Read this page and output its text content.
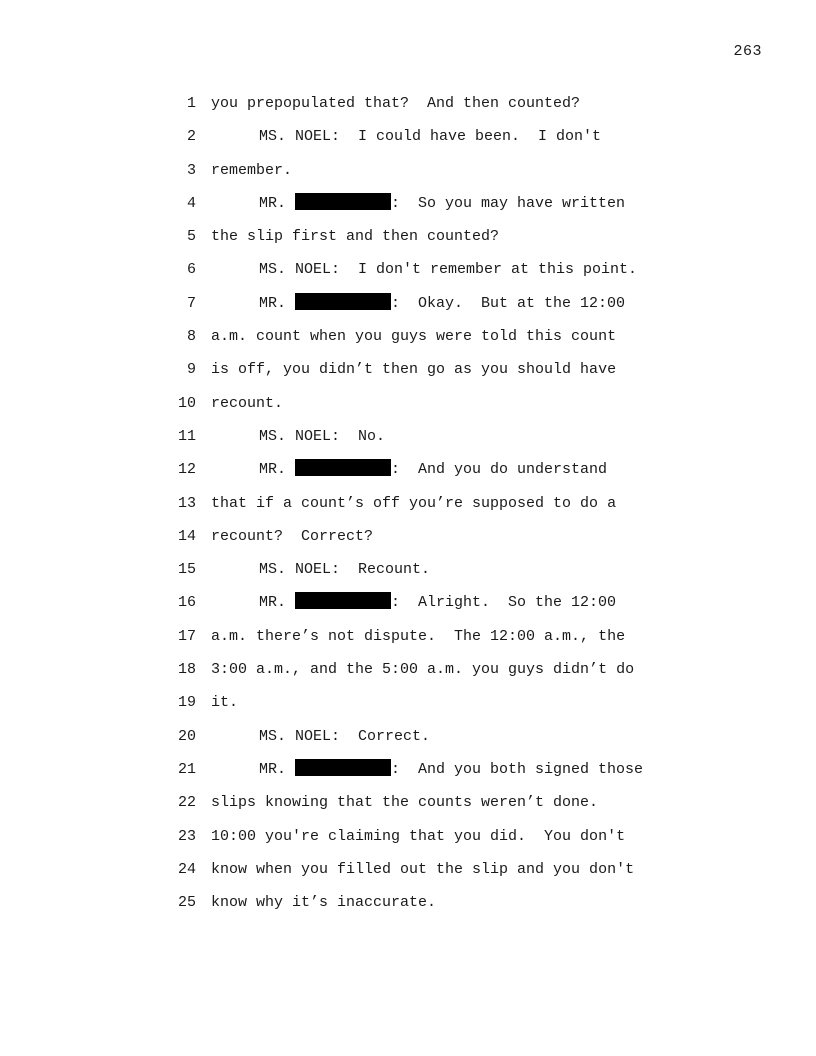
263
1 you prepopulated that?  And then counted?
2	MS. NOEL:  I could have been.  I don't
3 remember.
4	MR.	:  So you may have written
5 the slip first and then counted?
6	MS. NOEL:  I don't remember at this point.
7	MR.	:  Okay.  But at the 12:00
8 a.m. count when you guys were told this count
9 is off, you didn’t then go as you should have
10 recount.
11	MS. NOEL:  No.
12	MR.	:  And you do understand
13 that if a count’s off you’re supposed to do a
14 recount?  Correct?
15	MS. NOEL:  Recount.
16	MR.	:  Alright.  So the 12:00
17 a.m. there’s not dispute.  The 12:00 a.m., the
18 3:00 a.m., and the 5:00 a.m. you guys didn’t do
19 it.
20	MS. NOEL:  Correct.
21	MR.	:  And you both signed those
22 slips knowing that the counts weren’t done.
23 10:00 you're claiming that you did.  You don't
24 know when you filled out the slip and you don't
25 know why it’s inaccurate.
